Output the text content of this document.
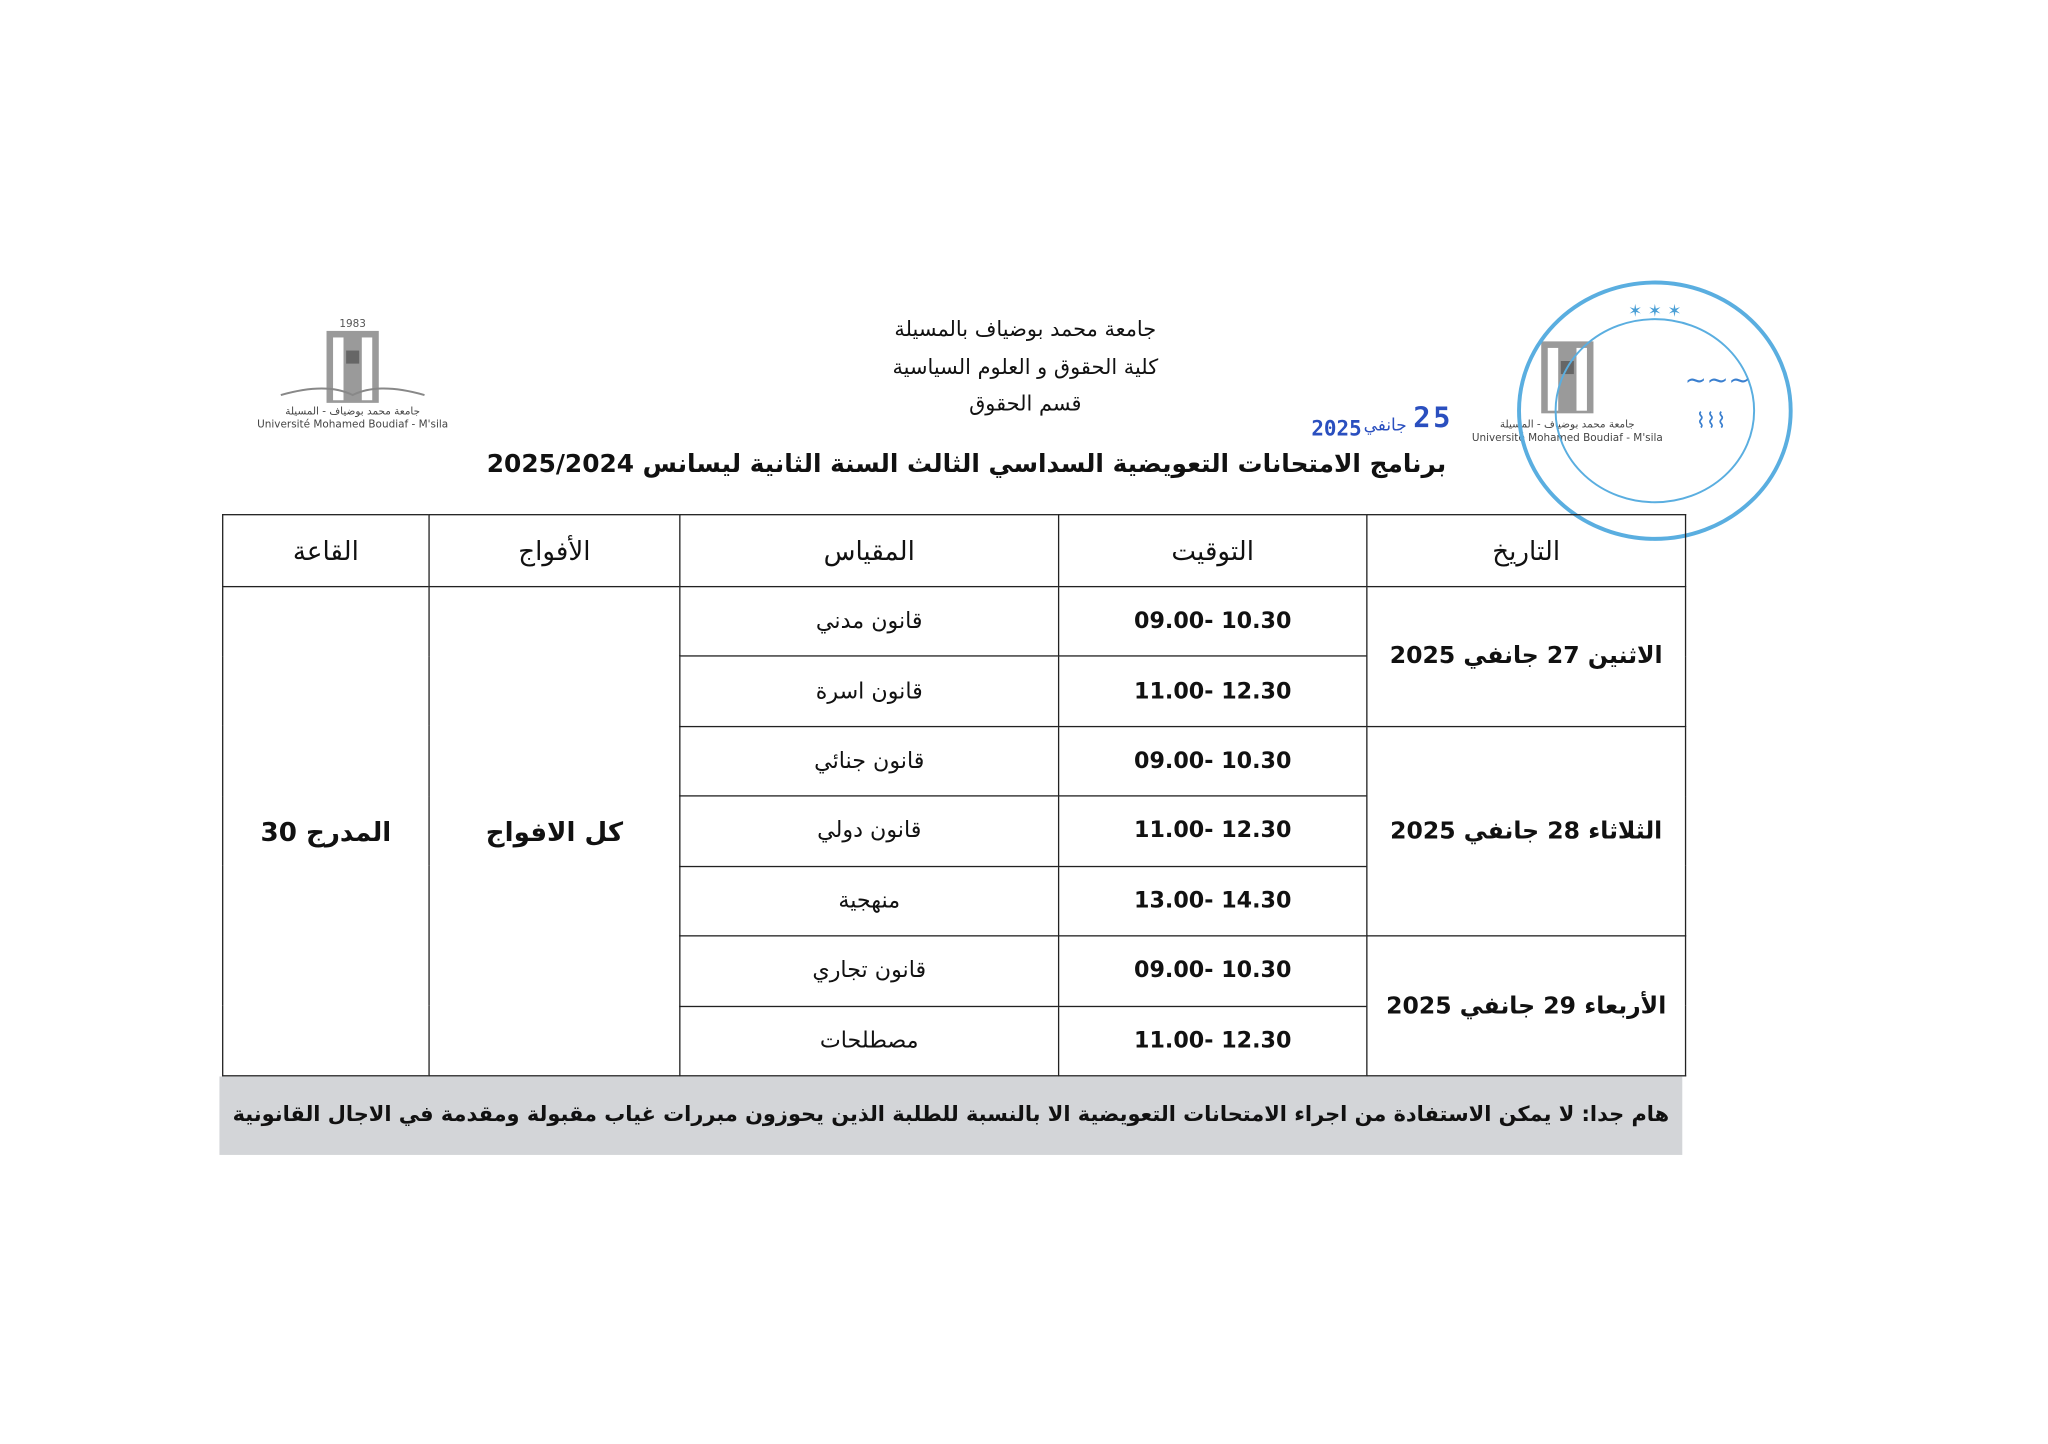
1983
جامعة محمد بوضياف - المسيلة
Université Mohamed Boudiaf - M'sila	جامعة محمد بوضياف - المسيلة
Université Mohamed Boudiaf - M'sila
✶ ✶ ✶
~~~
⌇⌇⌇
جامعة محمد بوضياف بالمسيلة
كلية الحقوق و العلوم السياسية
قسم الحقوق	25
جانفي
2025
برنامج الامتحانات التعويضية السداسي الثالث السنة الثانية ليسانس 2025/2024
التاريخ	التوقيت	المقياس	الأفواج	القاعة
الاثنين 27 جانفي 2025	10.30 -09.00	قانون مدني	كل الافواج	المدرج 30
	12.30 -11.00	قانون اسرة		
الثلاثاء 28 جانفي 2025	10.30 -09.00	قانون جنائي		
	12.30 -11.00	قانون دولي		
	14.30 -13.00	منهجية		
الأربعاء 29 جانفي 2025	10.30 -09.00	قانون تجاري		
	12.30 -11.00	مصطلحات		
هام جدا: لا يمكن الاستفادة من اجراء الامتحانات التعويضية الا بالنسبة للطلبة الذين يحوزون مبررات غياب مقبولة ومقدمة في الاجال القانونية
